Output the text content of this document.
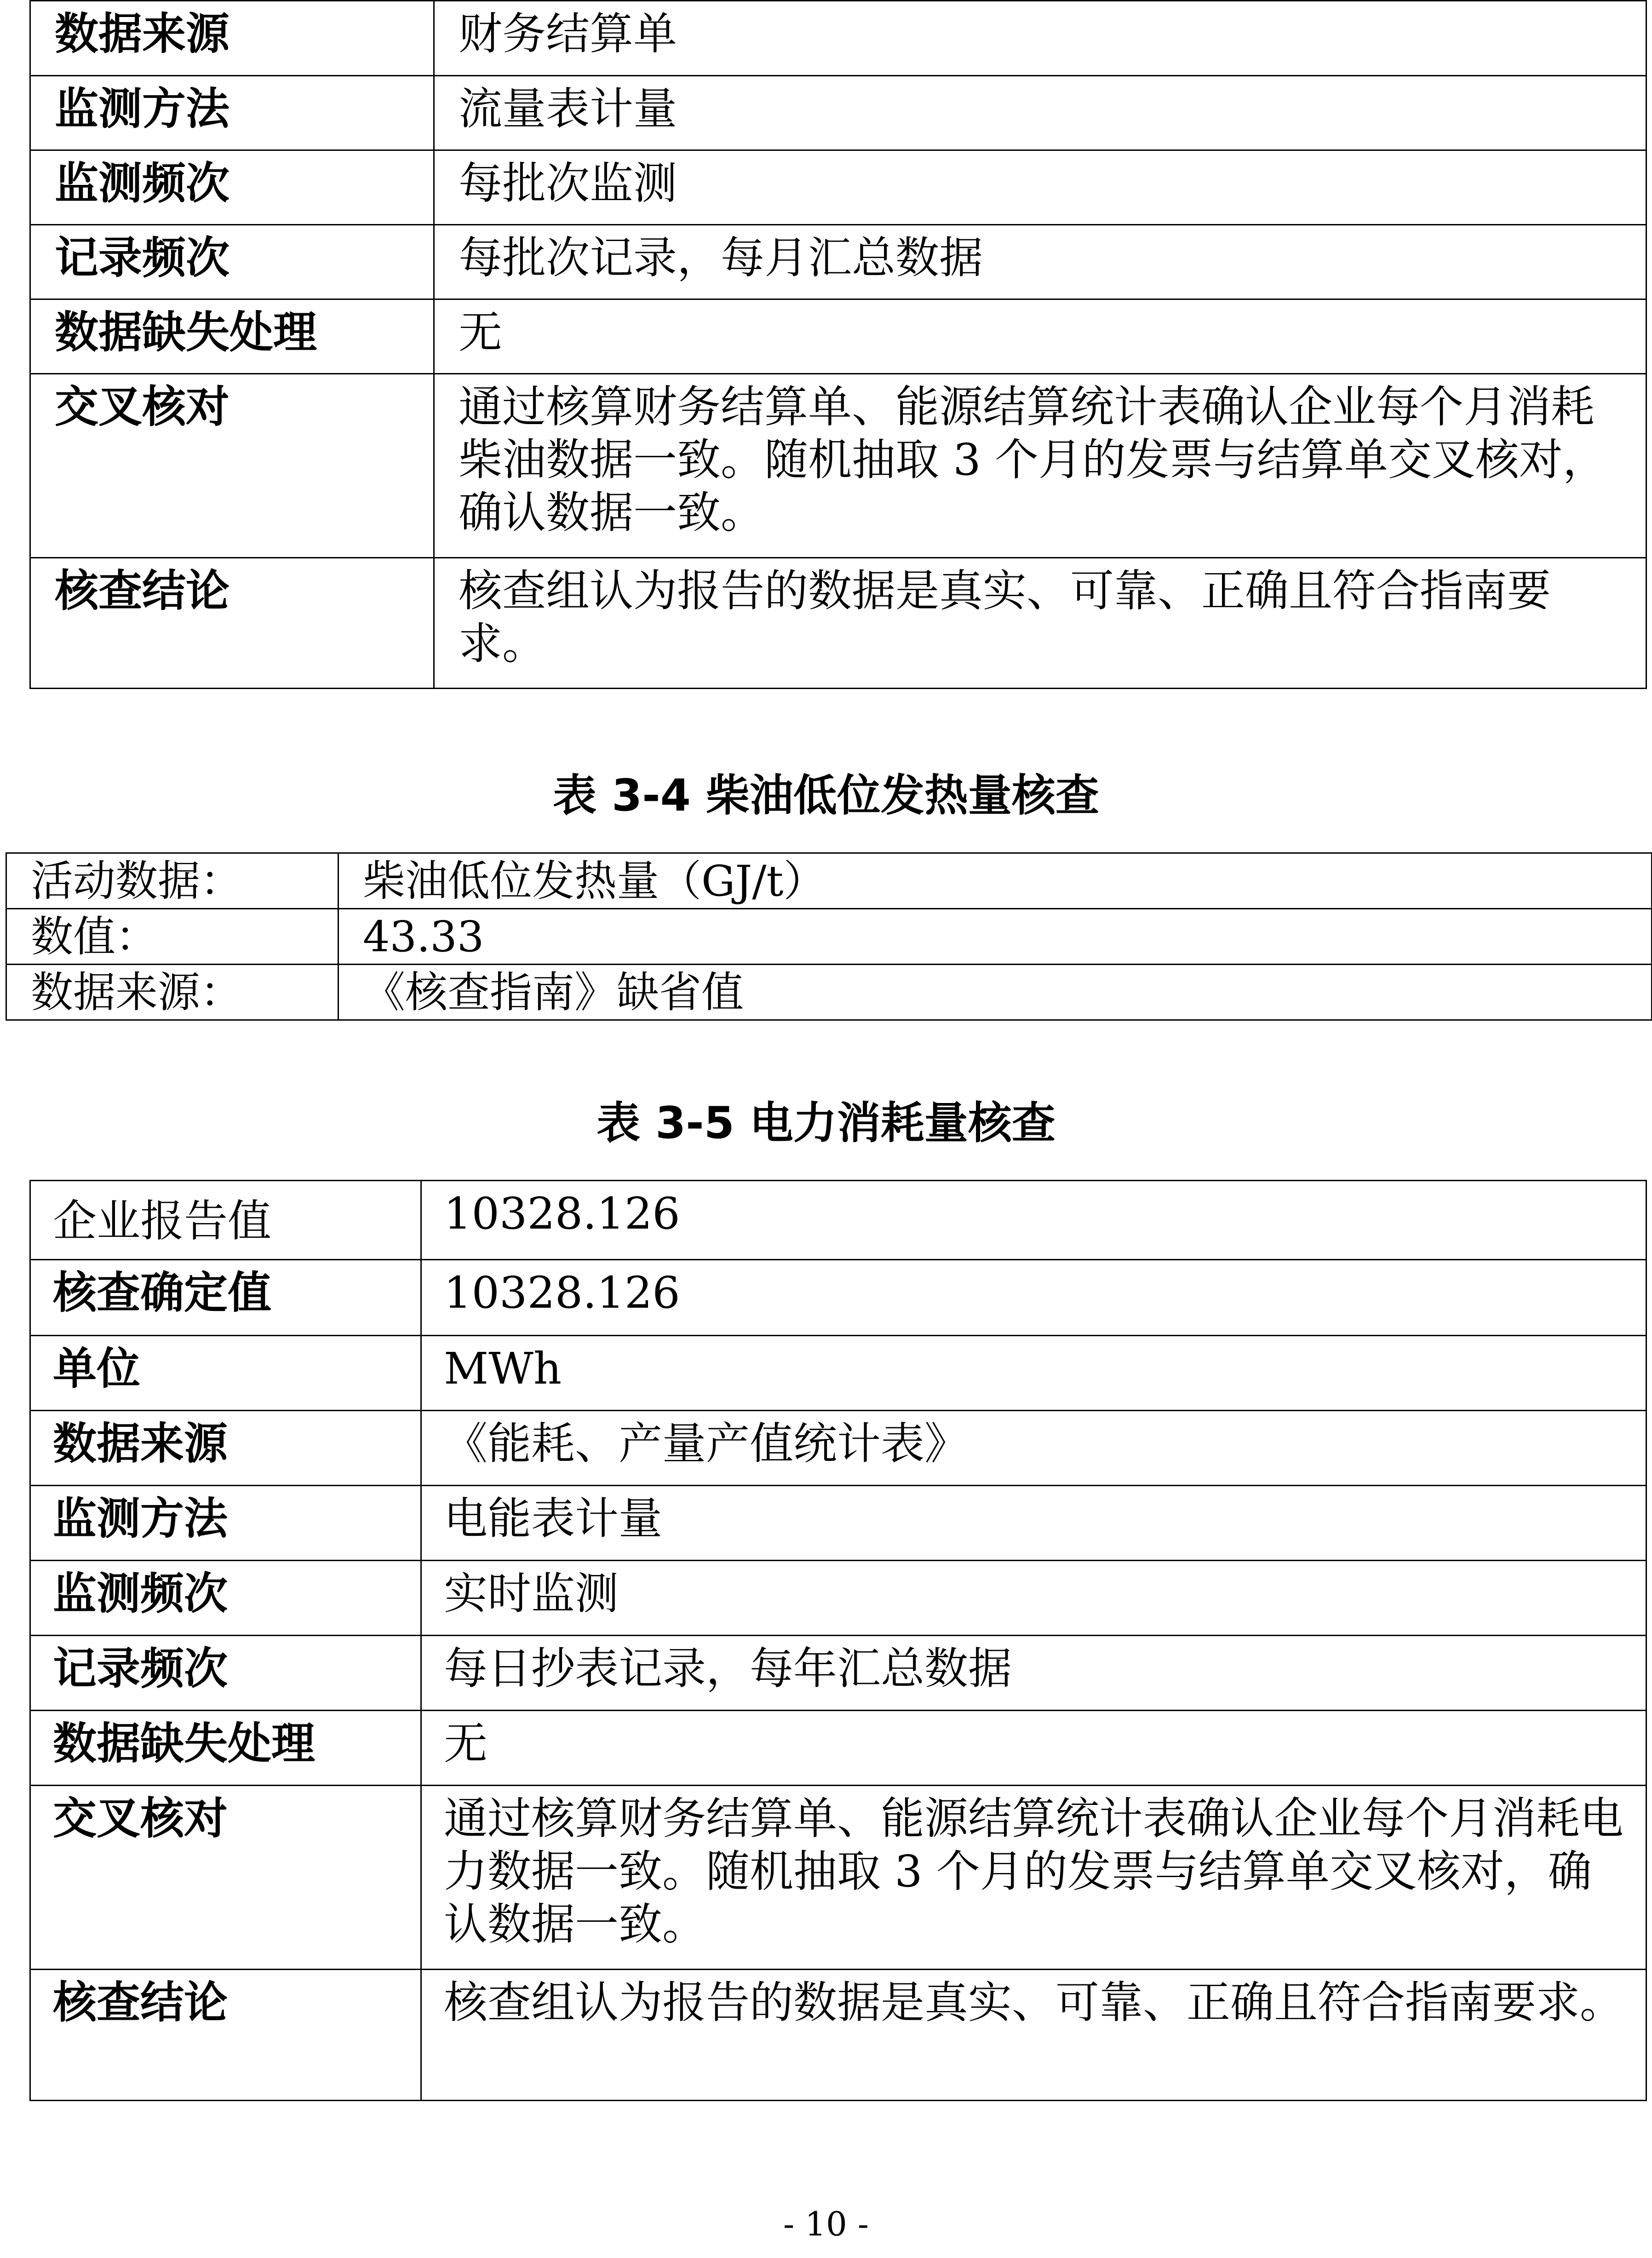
数据来源	财务结算单
监测方法	流量表计量
监测频次	每批次监测
记录频次	每批次记录，每月汇总数据
数据缺失处理	无
交叉核对	通过核算财务结算单、能源结算统计表确认企业每个月消耗柴油数据一致。随机抽取 3 个月的发票与结算单交叉核对，确认数据一致。
核查结论	核查组认为报告的数据是真实、可靠、正确且符合指南要求。
表 3-4 柴油低位发热量核查
活动数据：	柴油低位发热量（GJ/t）
数值：	43.33
数据来源：	《核查指南》缺省值
表 3-5 电力消耗量核查
企业报告值	10328.126
核查确定值	10328.126
单位	MWh
数据来源	《能耗、产量产值统计表》
监测方法	电能表计量
监测频次	实时监测
记录频次	每日抄表记录，每年汇总数据
数据缺失处理	无
交叉核对	通过核算财务结算单、能源结算统计表确认企业每个月消耗电力数据一致。随机抽取 3 个月的发票与结算单交叉核对，确认数据一致。
核查结论	核查组认为报告的数据是真实、可靠、正确且符合指南要求。
- 10 -
